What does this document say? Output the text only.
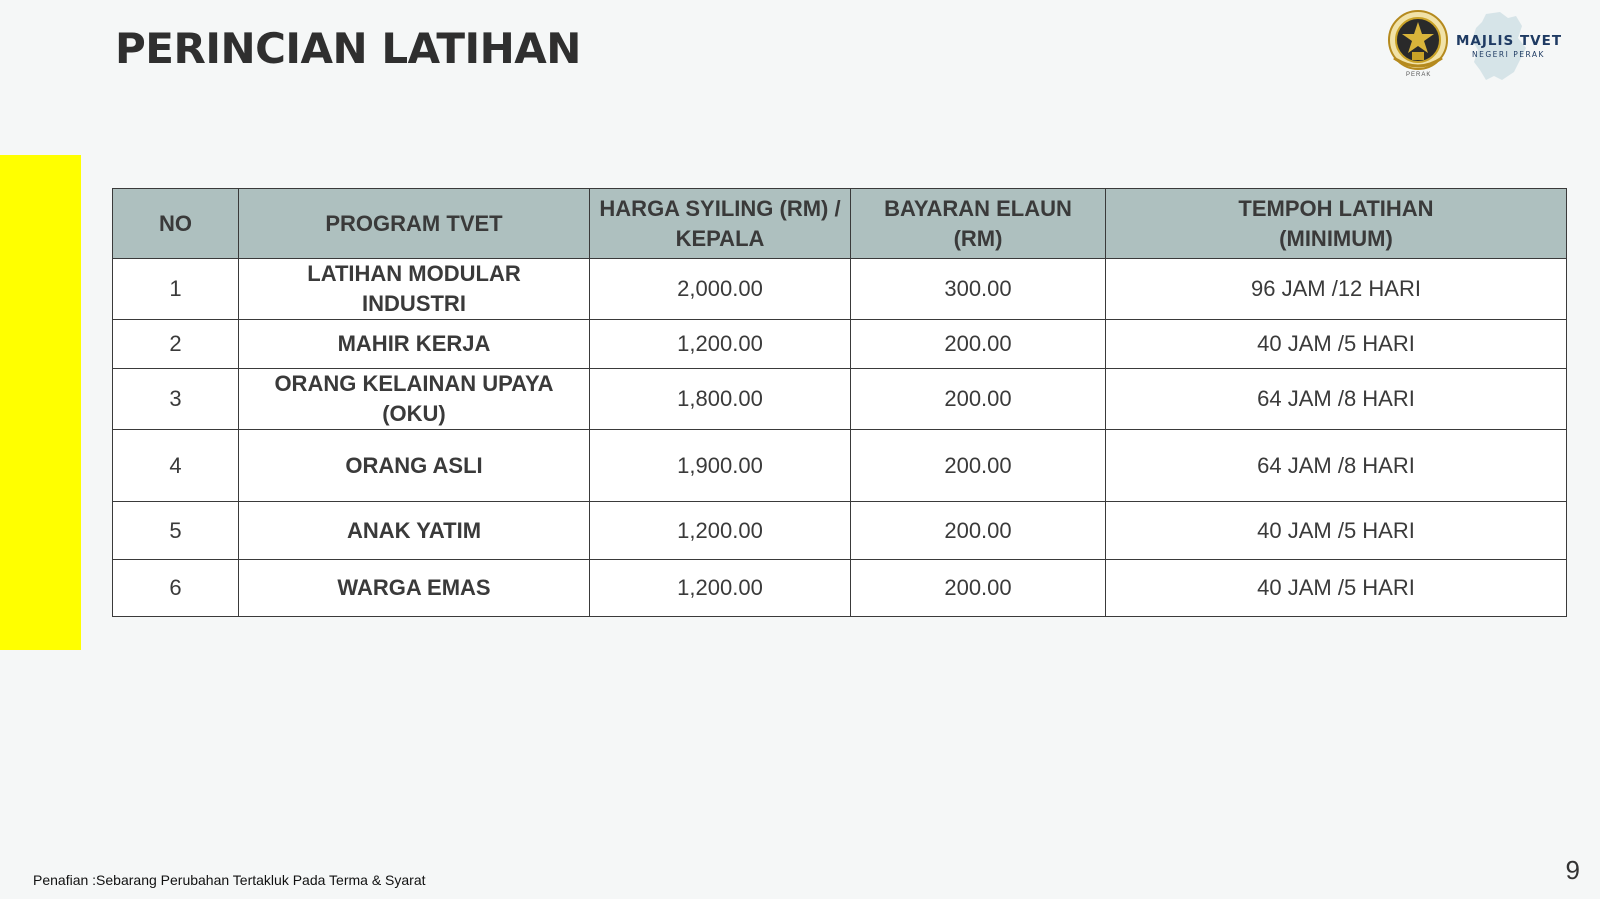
PERINCIAN LATIHAN
PERAK
MAJLIS TVET
NEGERI PERAK
NO	PROGRAM TVET	HARGA SYILING (RM) / KEPALA	BAYARAN ELAUN (RM)	TEMPOH LATIHAN (MINIMUM)
1	LATIHAN MODULAR INDUSTRI	2,000.00	300.00	96 JAM /12 HARI
2	MAHIR KERJA	1,200.00	200.00	40 JAM /5 HARI
3	ORANG KELAINAN UPAYA (OKU)	1,800.00	200.00	64 JAM /8 HARI
4	ORANG ASLI	1,900.00	200.00	64 JAM /8 HARI
5	ANAK YATIM	1,200.00	200.00	40 JAM /5 HARI
6	WARGA EMAS	1,200.00	200.00	40 JAM /5 HARI
Penafian :Sebarang Perubahan Tertakluk Pada Terma & Syarat	9
